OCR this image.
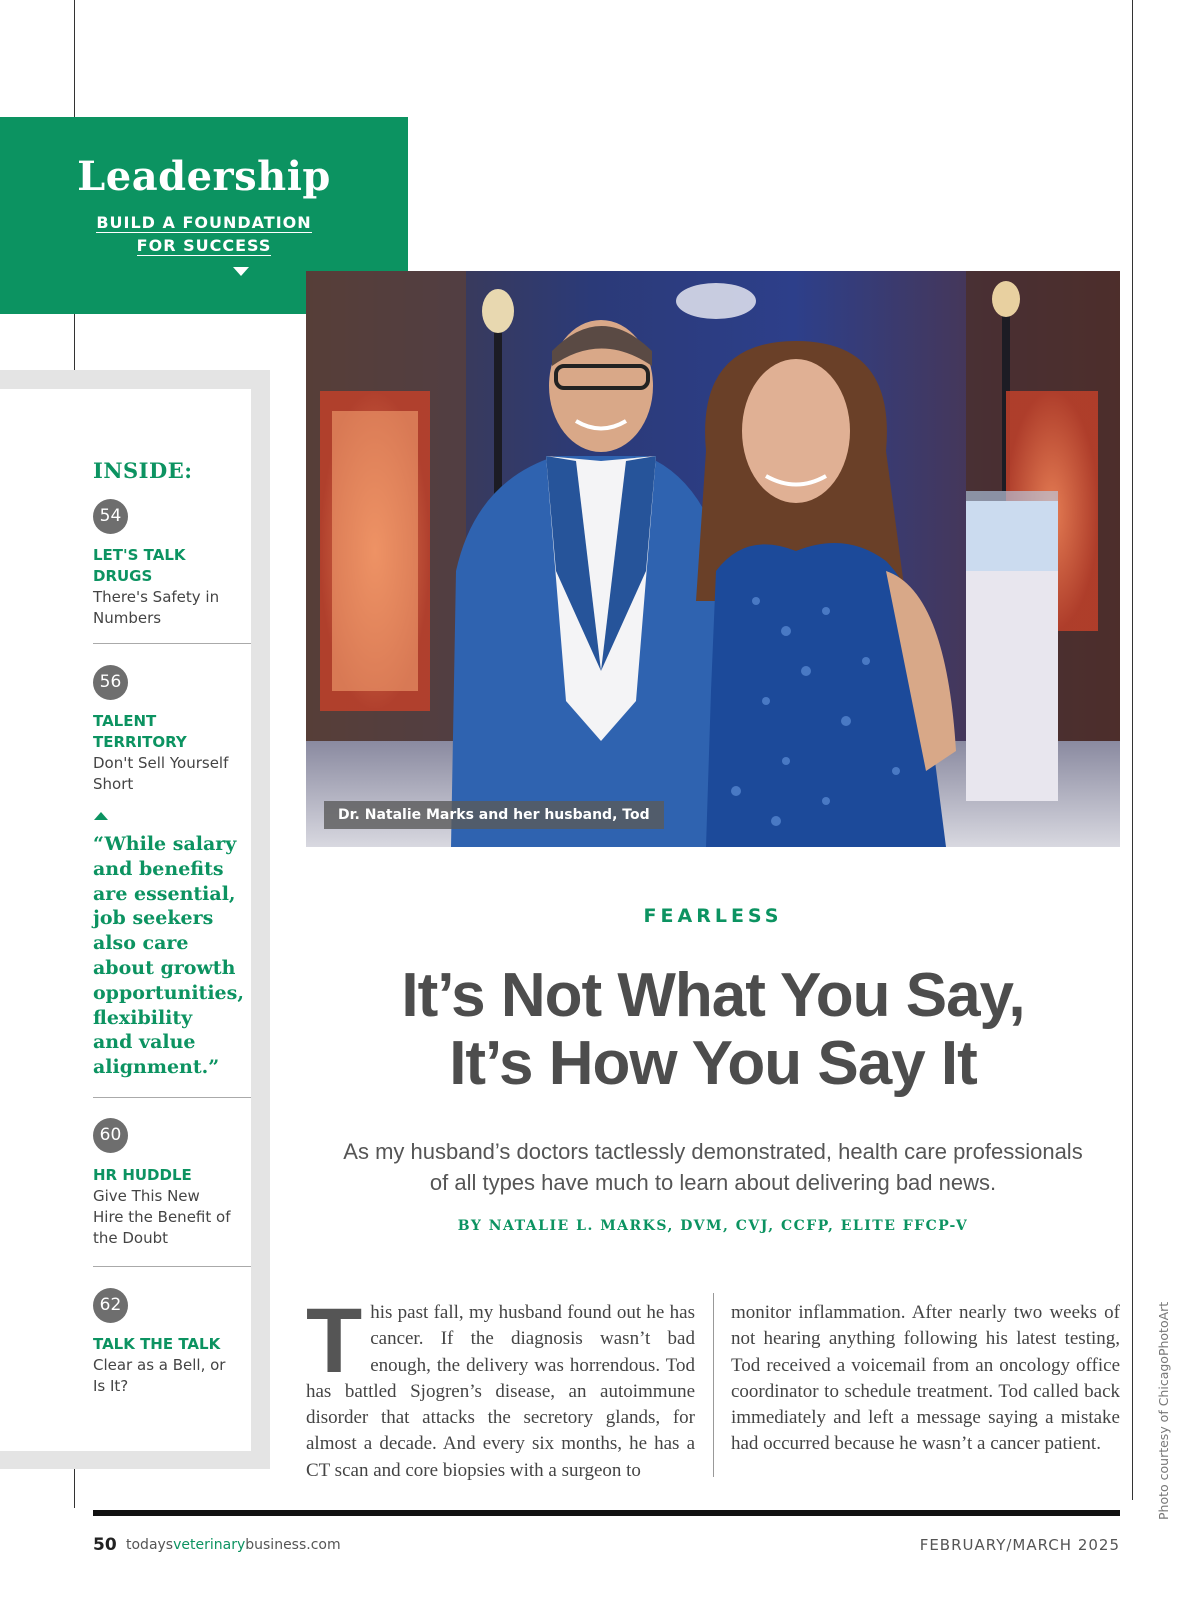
Leadership
BUILD A FOUNDATION
FOR SUCCESS
Dr. Natalie Marks and her husband, Tod
INSIDE:
54
LET'S TALK DRUGS
There's Safety in Numbers
56
TALENT TERRITORY
Don't Sell Yourself Short
“While salary and benefits are essential, job seekers also care about growth opportunities, flexibility and value alignment.”
60
HR HUDDLE
Give This New Hire the Benefit of the Doubt
62
TALK THE TALK
Clear as a Bell, or Is It?
FEARLESS
It’s Not What You Say,
It’s How You Say It
As my husband’s doctors tactlessly demonstrated, health care professionals of all types have much to learn about delivering bad news.
BY NATALIE L. MARKS, DVM, CVJ, CCFP, ELITE FFCP-V
This past fall, my husband found out he has cancer. If the diagnosis wasn’t bad enough, the delivery was horrendous. Tod has battled Sjogren’s disease, an autoimmune disorder that attacks the secretory glands, for almost a decade. And every six months, he has a CT scan and core biopsies with a surgeon to
monitor inflammation. After nearly two weeks of not hearing anything following his latest testing, Tod received a voicemail from an oncology office coordinator to schedule treatment. Tod called back immediately and left a message saying a mistake had occurred because he wasn’t a cancer patient.	Photo courtesy of ChicagoPhotoArt
50 todaysveterinarybusiness.com	FEBRUARY/MARCH 2025
